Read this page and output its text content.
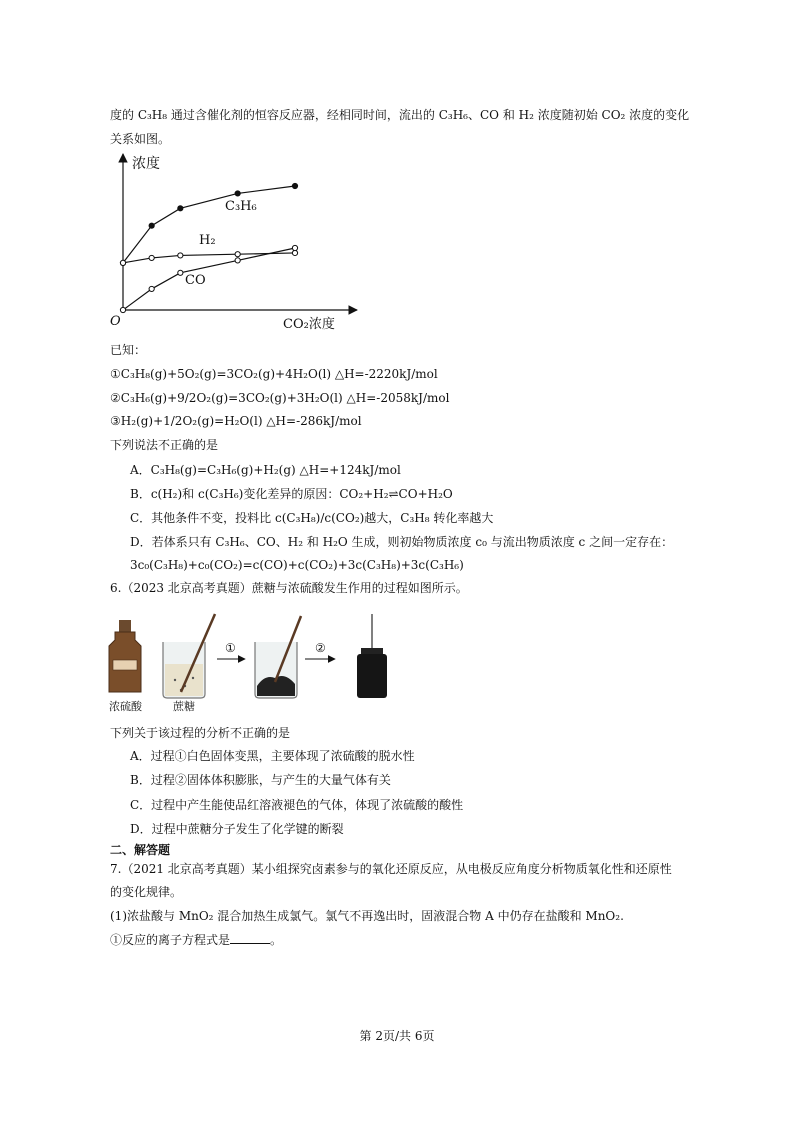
度的 C₃H₈ 通过含催化剂的恒容反应器，经相同时间，流出的 C₃H₆、CO 和 H₂ 浓度随初始 CO₂ 浓度的变化
关系如图。
浓度
O	CO₂浓度
C₃H₆
H₂
CO
已知：
①C₃H₈(g)+5O₂(g)=3CO₂(g)+4H₂O(l) △H=-2220kJ/mol
②C₃H₆(g)+9/2O₂(g)=3CO₂(g)+3H₂O(l) △H=-2058kJ/mol
③H₂(g)+1/2O₂(g)=H₂O(l) △H=-286kJ/mol
下列说法不正确的是
A．C₃H₈(g)=C₃H₆(g)+H₂(g) △H=+124kJ/mol
B．c(H₂)和 c(C₃H₆)变化差异的原因：CO₂+H₂⇌CO+H₂O
C．其他条件不变，投料比 c(C₃H₈)/c(CO₂)越大，C₃H₈ 转化率越大
D．若体系只有 C₃H₆、CO、H₂ 和 H₂O 生成，则初始物质浓度 c₀ 与流出物质浓度 c 之间一定存在：
3c₀(C₃H₈)+c₀(CO₂)=c(CO)+c(CO₂)+3c(C₃H₈)+3c(C₃H₆)
6.（2023 北京高考真题）蔗糖与浓硫酸发生作用的过程如图所示。
①	②
浓硫酸	蔗糖
下列关于该过程的分析不正确的是
A．过程①白色固体变黑，主要体现了浓硫酸的脱水性
B．过程②固体体积膨胀，与产生的大量气体有关
C．过程中产生能使品红溶液褪色的气体，体现了浓硫酸的酸性
D．过程中蔗糖分子发生了化学键的断裂
二、解答题
7.（2021 北京高考真题）某小组探究卤素参与的氧化还原反应，从电极反应角度分析物质氧化性和还原性
的变化规律。
(1)浓盐酸与 MnO₂ 混合加热生成氯气。氯气不再逸出时，固液混合物 A 中仍存在盐酸和 MnO₂.
①反应的离子方程式是	。
第 2页/共 6页
